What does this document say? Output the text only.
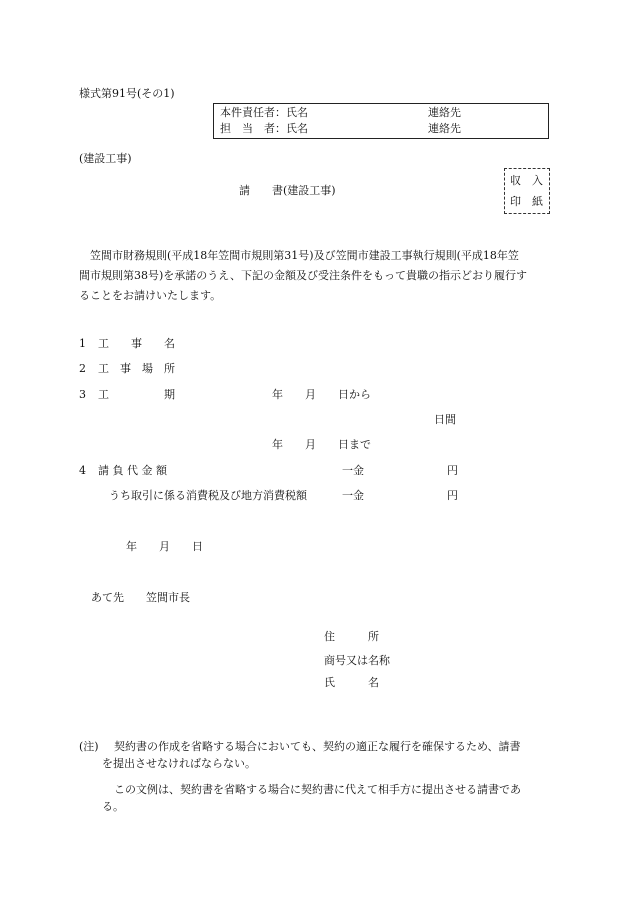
様式第91号(その1)
本件責任者：氏名	連絡先
担　当　者：氏名	連絡先
(建設工事)
請　　書(建設工事)
収　入
印　紙
　笠間市財務規則(平成18年笠間市規則第31号)及び笠間市建設工事執行規則(平成18年笠
間市規則第38号)を承諾のうえ、下記の金額及び受注条件をもって貴職の指示どおり履行す
ることをお請けいたします。
1 工　　事　　名
2 工　事　場　所
3 工　　　　　期	年　　月　　日から
日間
年　　月　　日まで
4 請 負 代 金 額	一金	円
うち取引に係る消費税及び地方消費税額	一金	円
年　　月　　日
あて先　　笠間市長
住　　　所
商号又は名称
氏　　　名
(注) 契約書の作成を省略する場合においても、契約の適正な履行を確保するため、請書
を提出させなければならない。
この文例は、契約書を省略する場合に契約書に代えて相手方に提出させる請書であ
る。
